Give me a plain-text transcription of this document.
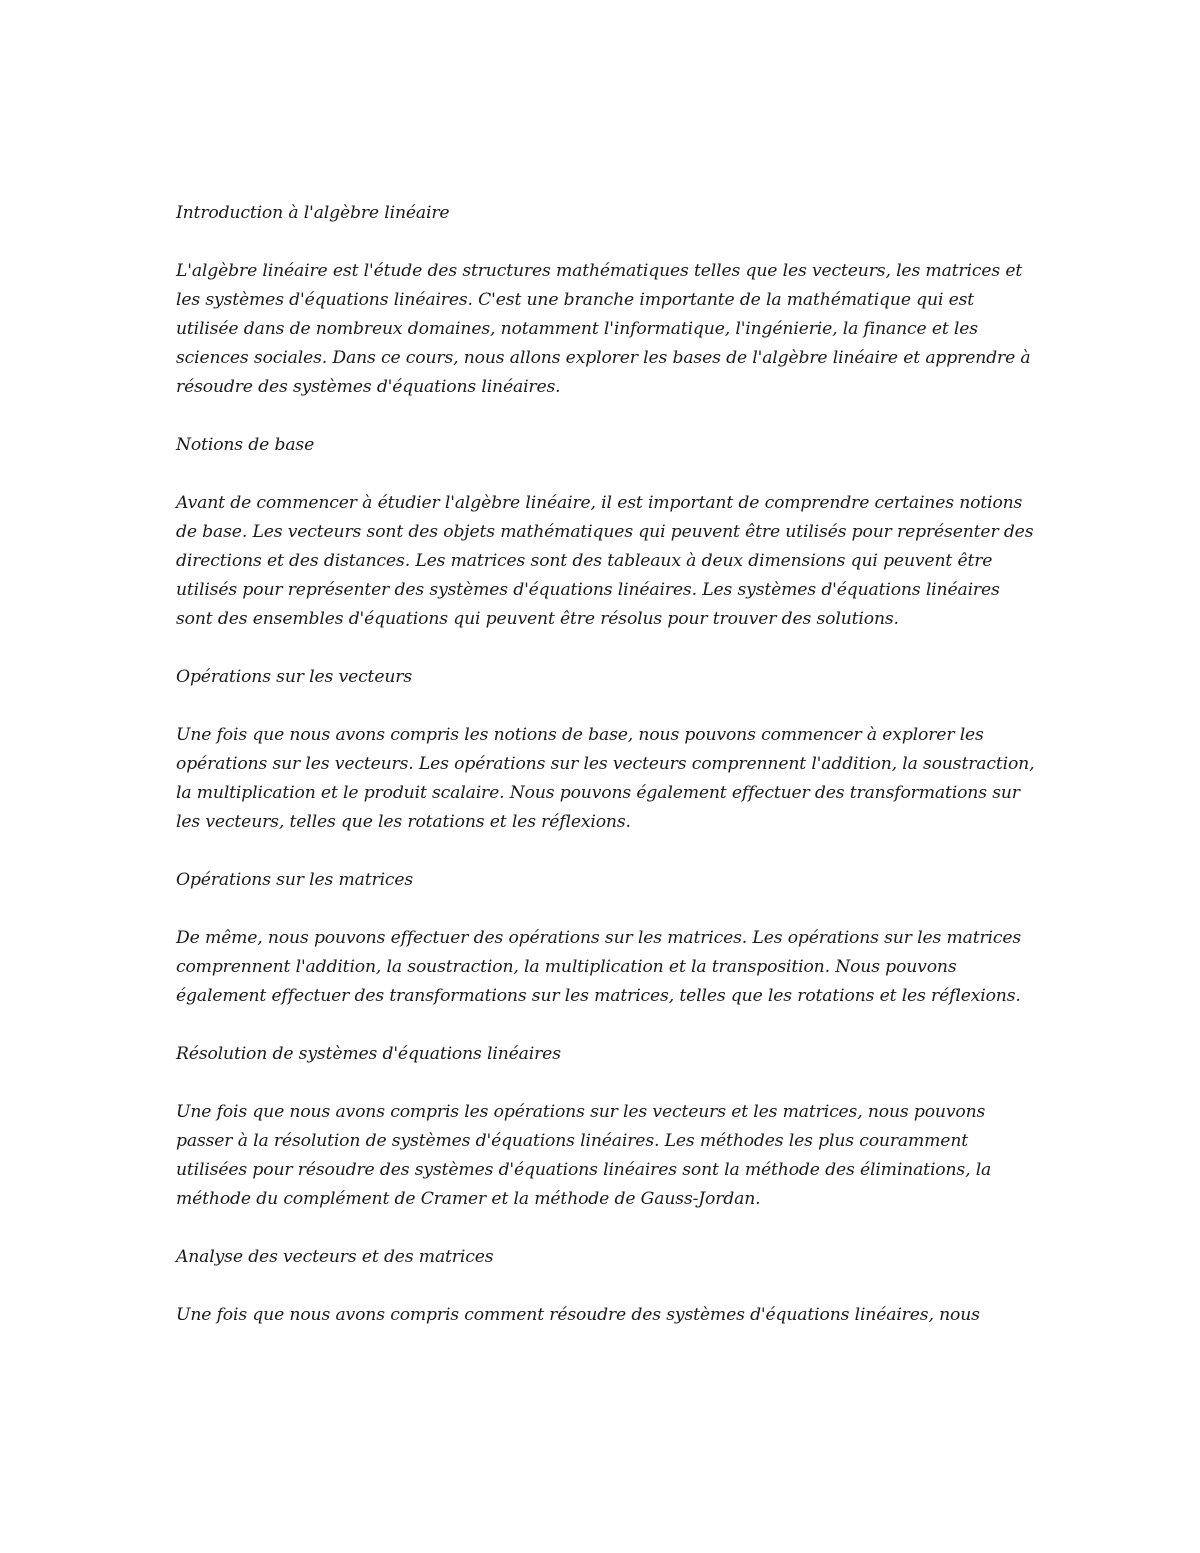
Introduction à l'algèbre linéaire

L'algèbre linéaire est l'étude des structures mathématiques telles que les vecteurs, les matrices et les systèmes d'équations linéaires. C'est une branche importante de la mathématique qui est utilisée dans de nombreux domaines, notamment l'informatique, l'ingénierie, la finance et les sciences sociales. Dans ce cours, nous allons explorer les bases de l'algèbre linéaire et apprendre à résoudre des systèmes d'équations linéaires.

Notions de base

Avant de commencer à étudier l'algèbre linéaire, il est important de comprendre certaines notions de base. Les vecteurs sont des objets mathématiques qui peuvent être utilisés pour représenter des directions et des distances. Les matrices sont des tableaux à deux dimensions qui peuvent être utilisés pour représenter des systèmes d'équations linéaires. Les systèmes d'équations linéaires sont des ensembles d'équations qui peuvent être résolus pour trouver des solutions.

Opérations sur les vecteurs

Une fois que nous avons compris les notions de base, nous pouvons commencer à explorer les opérations sur les vecteurs. Les opérations sur les vecteurs comprennent l'addition, la soustraction, la multiplication et le produit scalaire. Nous pouvons également effectuer des transformations sur les vecteurs, telles que les rotations et les réflexions.

Opérations sur les matrices

De même, nous pouvons effectuer des opérations sur les matrices. Les opérations sur les matrices comprennent l'addition, la soustraction, la multiplication et la transposition. Nous pouvons également effectuer des transformations sur les matrices, telles que les rotations et les réflexions.

Résolution de systèmes d'équations linéaires

Une fois que nous avons compris les opérations sur les vecteurs et les matrices, nous pouvons passer à la résolution de systèmes d'équations linéaires. Les méthodes les plus couramment utilisées pour résoudre des systèmes d'équations linéaires sont la méthode des éliminations, la méthode du complément de Cramer et la méthode de Gauss-Jordan.

Analyse des vecteurs et des matrices

Une fois que nous avons compris comment résoudre des systèmes d'équations linéaires, nous
